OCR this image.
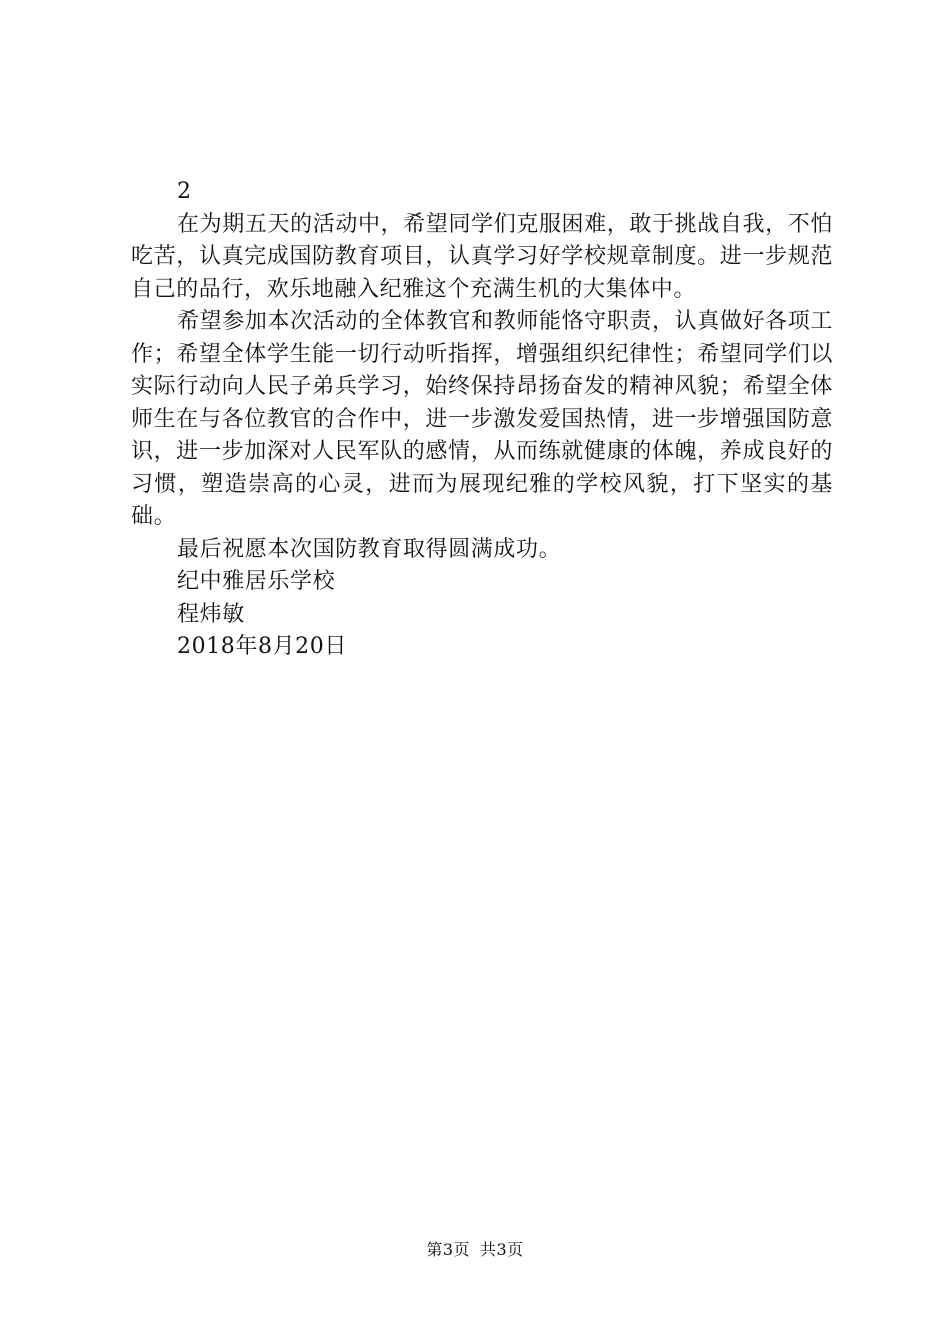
2

在为期五天的活动中，希望同学们克服困难，敢于挑战自我，不怕吃苦，认真完成国防教育项目，认真学习好学校规章制度。进一步规范自己的品行，欢乐地融入纪雅这个充满生机的大集体中。

希望参加本次活动的全体教官和教师能恪守职责，认真做好各项工作；希望全体学生能一切行动听指挥，增强组织纪律性；希望同学们以实际行动向人民子弟兵学习，始终保持昂扬奋发的精神风貌；希望全体师生在与各位教官的合作中，进一步激发爱国热情，进一步增强国防意识，进一步加深对人民军队的感情，从而练就健康的体魄，养成良好的习惯，塑造崇高的心灵，进而为展现纪雅的学校风貌，打下坚实的基础。

最后祝愿本次国防教育取得圆满成功。

纪中雅居乐学校

程炜敏

2018年8月20日

第3页 共3页
